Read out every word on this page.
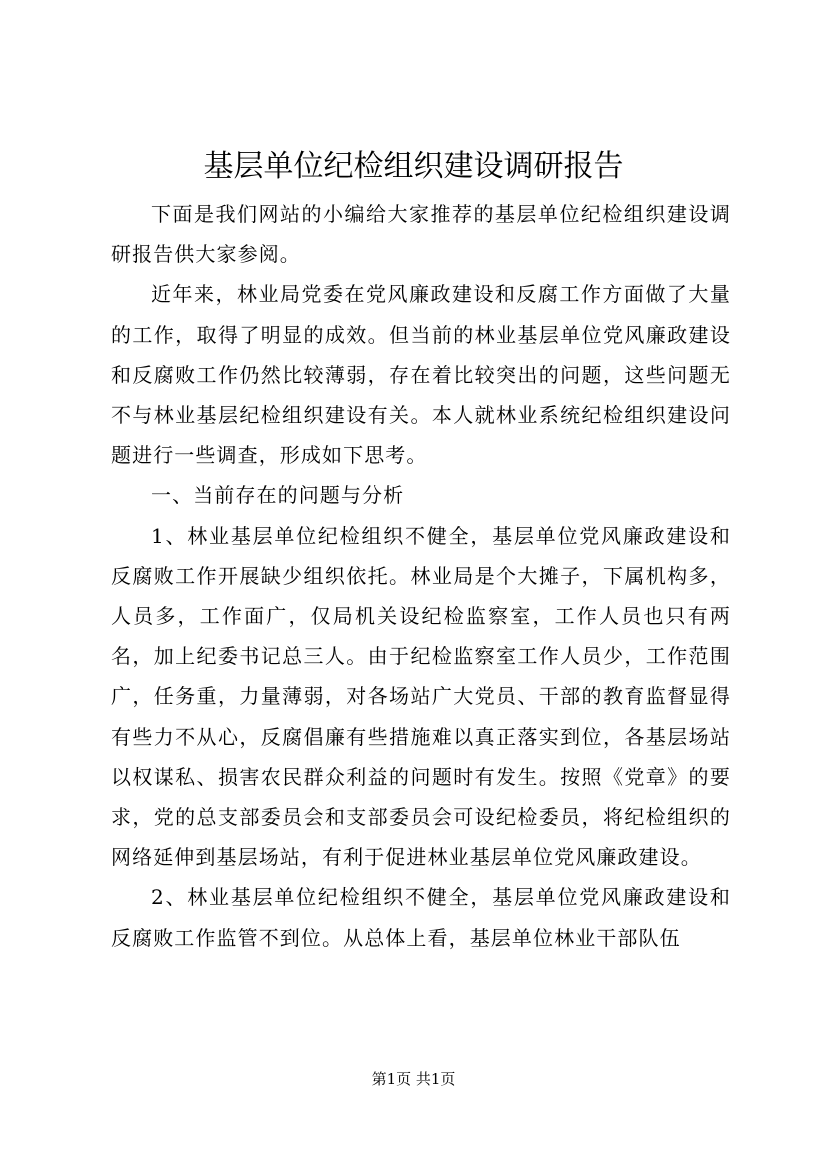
基层单位纪检组织建设调研报告

下面是我们网站的小编给大家推荐的基层单位纪检组织建设调研报告供大家参阅。

近年来，林业局党委在党风廉政建设和反腐工作方面做了大量的工作，取得了明显的成效。但当前的林业基层单位党风廉政建设和反腐败工作仍然比较薄弱，存在着比较突出的问题，这些问题无不与林业基层纪检组织建设有关。本人就林业系统纪检组织建设问题进行一些调查，形成如下思考。

一、当前存在的问题与分析

1、林业基层单位纪检组织不健全，基层单位党风廉政建设和反腐败工作开展缺少组织依托。林业局是个大摊子，下属机构多，人员多，工作面广，仅局机关设纪检监察室，工作人员也只有两名，加上纪委书记总三人。由于纪检监察室工作人员少，工作范围广，任务重，力量薄弱，对各场站广大党员、干部的教育监督显得有些力不从心，反腐倡廉有些措施难以真正落实到位，各基层场站以权谋私、损害农民群众利益的问题时有发生。按照《党章》的要求，党的总支部委员会和支部委员会可设纪检委员，将纪检组织的网络延伸到基层场站，有利于促进林业基层单位党风廉政建设。

2、林业基层单位纪检组织不健全，基层单位党风廉政建设和反腐败工作监管不到位。从总体上看，基层单位林业干部队伍

第1页 共1页
